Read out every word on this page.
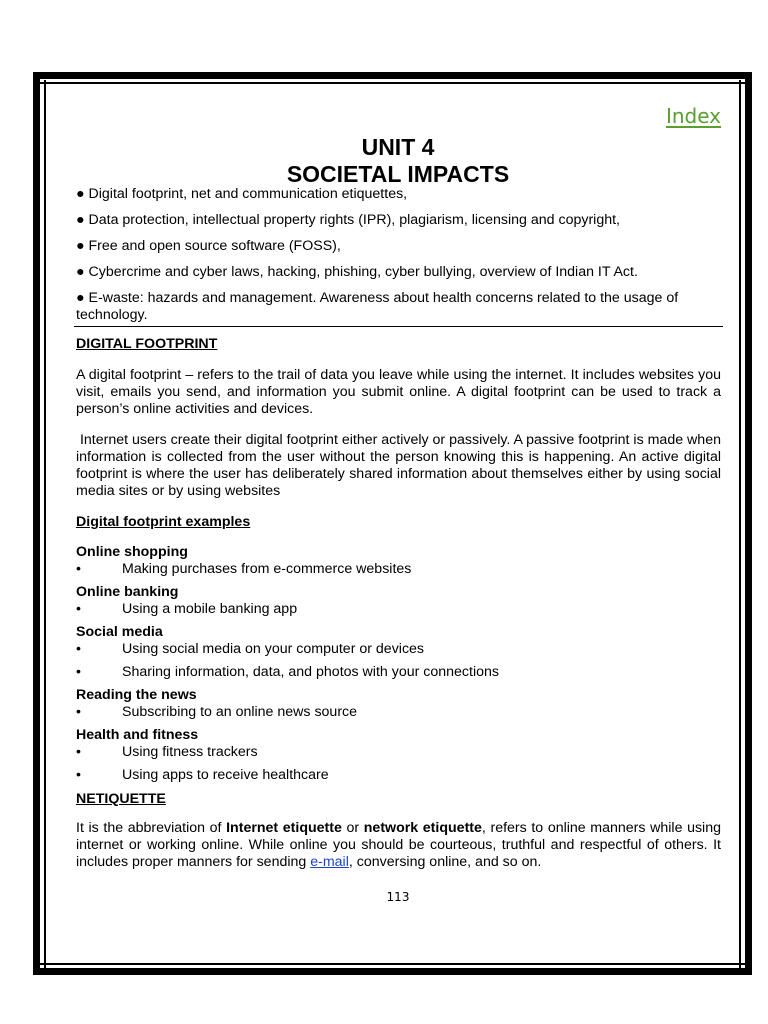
Index
UNIT 4
SOCIETAL IMPACTS

● Digital footprint, net and communication etiquettes,

● Data protection, intellectual property rights (IPR), plagiarism, licensing and copyright,

● Free and open source software (FOSS),

● Cybercrime and cyber laws, hacking, phishing, cyber bullying, overview of Indian IT Act.

● E-waste: hazards and management. Awareness about health concerns related to the usage of technology.

DIGITAL FOOTPRINT

A digital footprint – refers to the trail of data you leave while using the internet. It includes websites you visit, emails you send, and information you submit online. A digital footprint can be used to track a person’s online activities and devices.

Internet users create their digital footprint either actively or passively. A passive footprint is made when information is collected from the user without the person knowing this is happening. An active digital footprint is where the user has deliberately shared information about themselves either by using social media sites or by using websites

Digital footprint examples

Online shopping

•	Making purchases from e-commerce websites

Online banking

•	Using a mobile banking app

Social media

•	Using social media on your computer or devices

•	Sharing information, data, and photos with your connections

Reading the news

•	Subscribing to an online news source

Health and fitness

•	Using fitness trackers

•	Using apps to receive healthcare

NETIQUETTE

It is the abbreviation of Internet etiquette or network etiquette, refers to online manners while using internet or working online. While online you should be courteous, truthful and respectful of others. It includes proper manners for sending e-mail, conversing online, and so on.

113
